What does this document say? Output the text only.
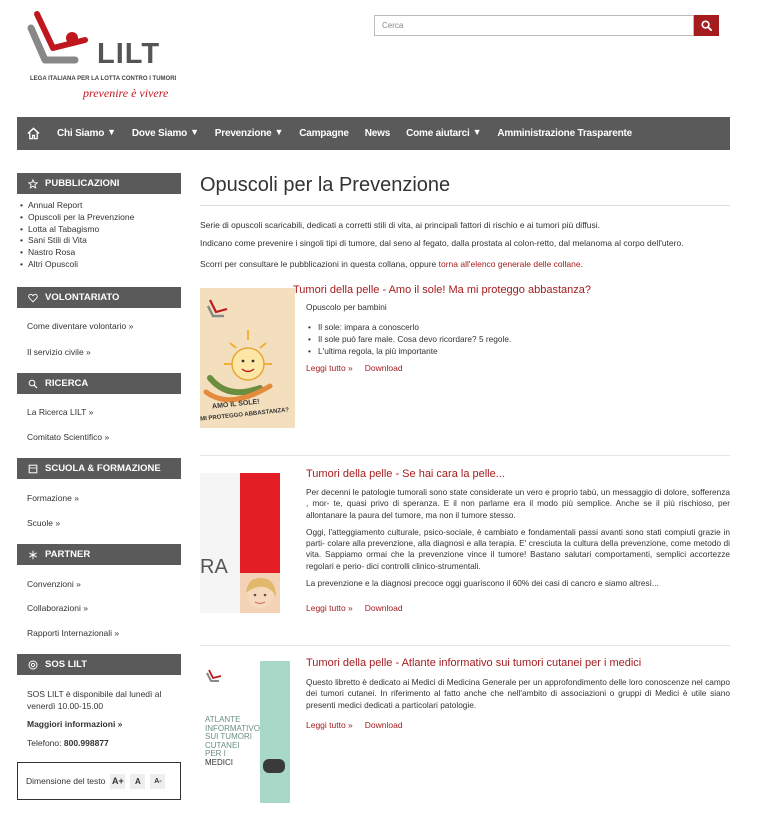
LILT
LEGA ITALIANA PER LA LOTTA CONTRO I TUMORI
prevenire è vivere
Cerca
Chi Siamo ▼ Dove Siamo ▼ Prevenzione ▼ Campagne News Come aiutarci ▼ Amministrazione Trasparente
PUBBLICAZIONI
• Annual Report
• Opuscoli per la Prevenzione
• Lotta al Tabagismo
• Sani Stili di Vita
• Nastro Rosa
• Altri Opuscoli
VOLONTARIATO
Come diventare volontario »
Il servizio civile »
RICERCA
La Ricerca LILT »
Comitato Scientifico »
SCUOLA & FORMAZIONE
Formazione »
Scuole »
PARTNER
Convenzioni »
Collaborazioni »
Rapporti Internazionali »
SOS LILT
SOS LILT è disponibile dal lunedì al venerdì 10.00-15.00
Maggiori informazioni »
Telefono: 800.998877
Dimensione del testo A+	A	A-
Opuscoli per la Prevenzione
Serie di opuscoli scaricabili, dedicati a corretti stili di vita, ai principali fattori di rischio e ai tumori più diffusi.
Indicano come prevenire i singoli tipi di tumore, dal seno al fegato, dalla prostata al colon-retto, dal melanoma al corpo dell'utero.
Scorri per consultare le pubblicazioni in questa collana, oppure torna all'elenco generale delle collane.
AMO IL SOLE!
MI PROTEGGO ABBASTANZA?
Tumori della pelle - Amo il sole! Ma mi proteggo abbastanza?

Opuscolo per bambini

• Il sole: impara a conoscerlo
• Il sole può fare male. Cosa devo ricordare? 5 regole.
• L'ultima regola, la più importante
Leggi tutto » Download
RA
Tumori della pelle - Se hai cara la pelle...

Per decenni le patologie tumorali sono state considerate un vero e proprio tabù, un messaggio di dolore, sofferenza , mor- te, quasi privo di speranza. E il non parlarne era il modo più semplice. Anche se il più rischioso, per allontanare la paura del tumore, ma non il tumore stesso.

Oggi, l'atteggiamento culturale, psico-sociale, è cambiato e fondamentali passi avanti sono stati compiuti grazie in parti- colare alla prevenzione, alla diagnosi e alla terapia. E' cresciuta la cultura della prevenzione, come metodo di vita. Sappiamo ormai che la prevenzione vince il tumore! Bastano salutari comportamenti, semplici accortezze regolari e perio- dici controlli clinico-strumentali.

La prevenzione e la diagnosi precoce oggi guariscono il 60% dei casi di cancro e siamo altresì...

Leggi tutto » Download
ATLANTE
INFORMATIVO
SUI TUMORI
CUTANEI
PER I
MEDICI
Tumori della pelle - Atlante informativo sui tumori cutanei per i medici

Questo libretto è dedicato ai Medici di Medicina Generale per un approfondimento delle loro conoscenze nel campo dei tumori cutanei. In riferimento al fatto anche che nell'ambito di associazioni o gruppi di Medici è utile siano presenti medici dedicati a particolari patologie.

Leggi tutto » Download
